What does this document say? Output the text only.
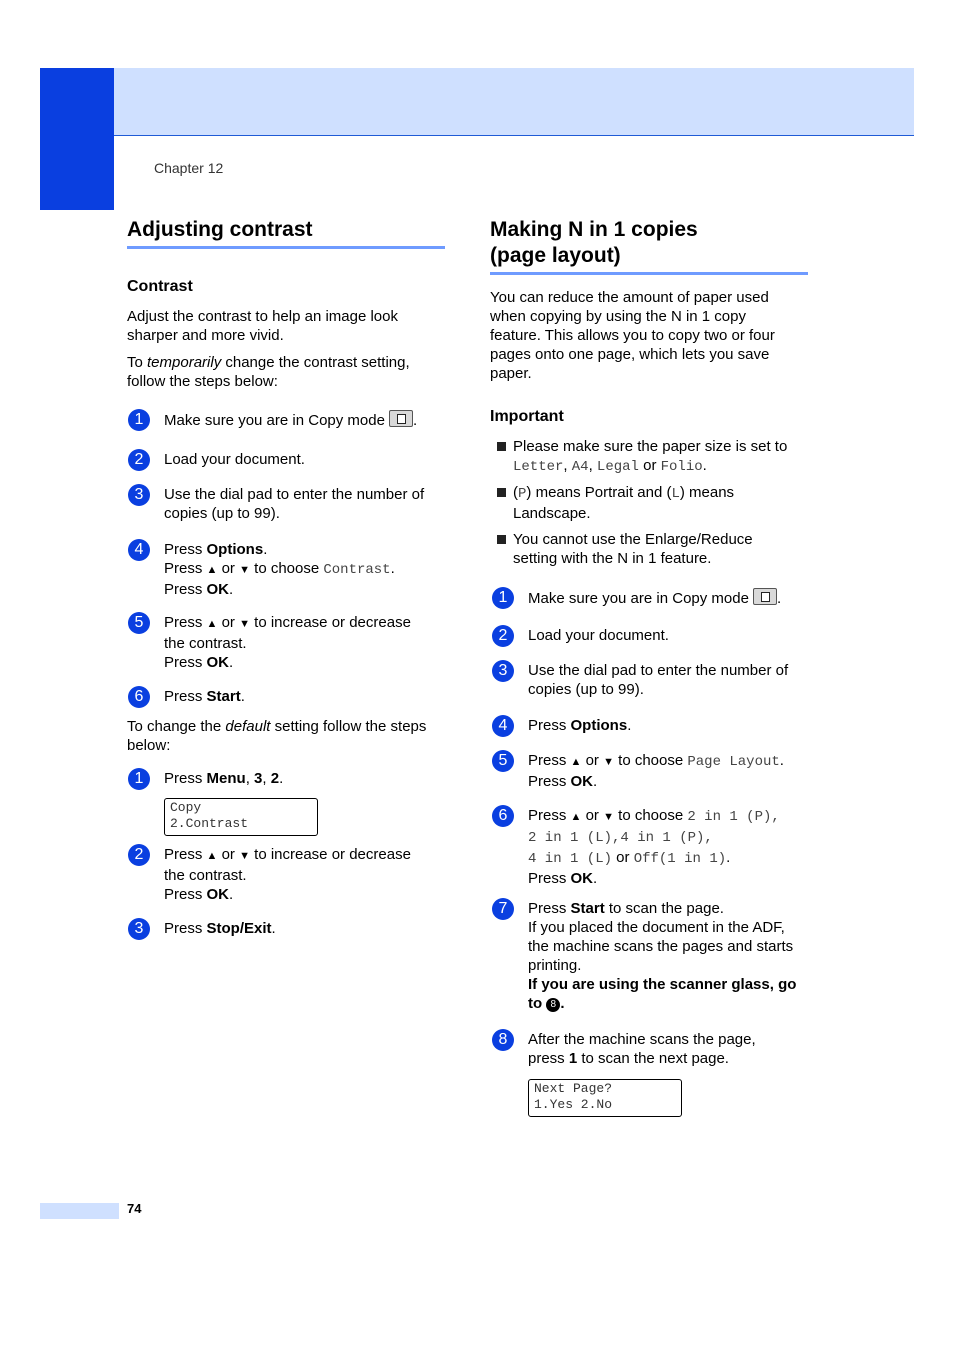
Chapter 12
Adjusting contrast
Contrast

Adjust the contrast to help an image look sharper and more vivid.

To temporarily change the contrast setting, follow the steps below:

1	Make sure you are in Copy mode .
2	Load your document.
3	Use the dial pad to enter the number of
copies (up to 99).
4	Press Options.
Press ▲ or ▼ to choose Contrast.
Press OK.
5	Press ▲ or ▼ to increase or decrease
the contrast.
Press OK.
6	Press Start.

To change the default setting follow the steps below:

1	Press Menu, 3, 2.
Copy
2.Contrast
2	Press ▲ or ▼ to increase or decrease
the contrast.
Press OK.
3	Press Stop/Exit.
Making N in 1 copies
(page layout)
You can reduce the amount of paper used
when copying by using the N in 1 copy
feature. This allows you to copy two or four
pages onto one page, which lets you save
paper.
Important
Please make sure the paper size is set to
Letter, A4, Legal or Folio.
(P) means Portrait and (L) means
Landscape.
You cannot use the Enlarge/Reduce
setting with the N in 1 feature.
1	Make sure you are in Copy mode .
2	Load your document.
3	Use the dial pad to enter the number of
copies (up to 99).
4	Press Options.
5	Press ▲ or ▼ to choose Page Layout.
Press OK.
6	Press ▲ or ▼ to choose 2 in 1 (P),
2 in 1 (L),4 in 1 (P),
4 in 1 (L) or Off(1 in 1).
Press OK.
7	Press Start to scan the page.
If you placed the document in the ADF,
the machine scans the pages and starts
printing.
If you are using the scanner glass, go
to 8 .
8	After the machine scans the page,
press 1 to scan the next page.
Next Page?
1.Yes 2.No
74
